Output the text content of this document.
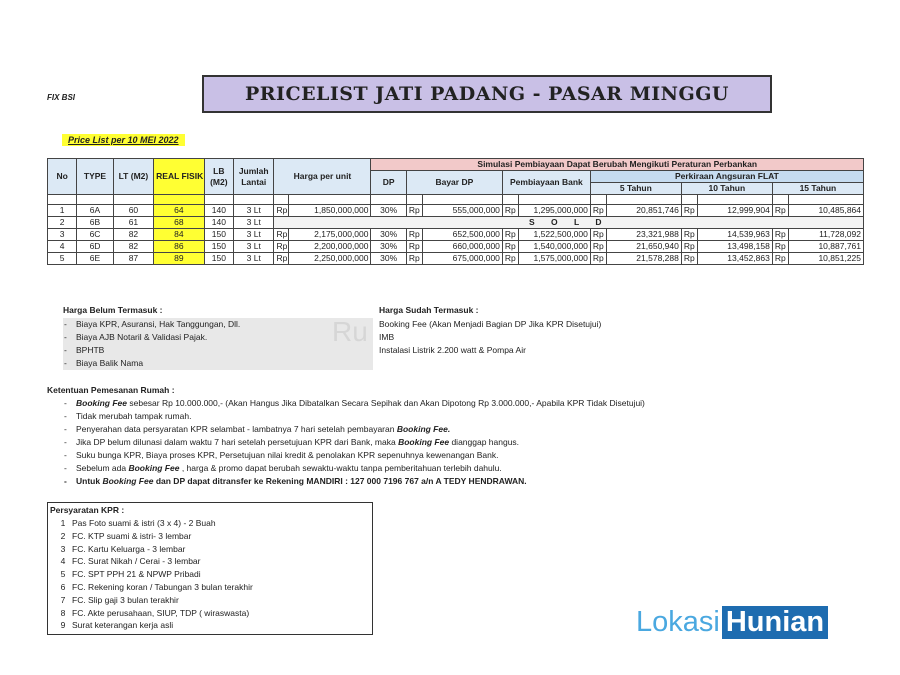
FIX BSI	PRICELIST JATI PADANG - PASAR MINGGU
Price List per 10 MEI 2022
No	TYPE	LT (M2)	REAL FISIK	LB (M2)	Jumlah Lantai	Harga per unit		Simulasi Pembiayaan Dapat Berubah Mengikuti Peraturan Perbankan										
								DP	Bayar DP		Pembiayaan Bank		Perkiraan Angsuran FLAT					
													5 Tahun		10 Tahun		15 Tahun	

1	6A	60	64	140	3 Lt	Rp	1,850,000,000	30%	Rp	555,000,000	Rp	1,295,000,000	Rp	20,851,746	Rp	12,999,904	Rp	10,485,864
2	6B	61	68	140	3 Lt	S O L D												
3	6C	82	84	150	3 Lt	Rp	2,175,000,000	30%	Rp	652,500,000	Rp	1,522,500,000	Rp	23,321,988	Rp	14,539,963	Rp	11,728,092
4	6D	82	86	150	3 Lt	Rp	2,200,000,000	30%	Rp	660,000,000	Rp	1,540,000,000	Rp	21,650,940	Rp	13,498,158	Rp	10,887,761
5	6E	87	89	150	3 Lt	Rp	2,250,000,000	30%	Rp	675,000,000	Rp	1,575,000,000	Rp	21,578,288	Rp	13,452,863	Rp	10,851,225
Ru
Harga Belum Termasuk :
- Biaya KPR, Asuransi, Hak Tanggungan, Dll.
- Biaya AJB Notaril & Validasi Pajak.
- BPHTB
- Biaya Balik Nama
Harga Sudah Termasuk :
Booking Fee (Akan Menjadi Bagian DP Jika KPR Disetujui)
IMB
Instalasi Listrik 2.200 watt & Pompa Air
Ketentuan Pemesanan Rumah :
- Booking Fee sebesar Rp 10.000.000,- (Akan Hangus Jika Dibatalkan Secara Sepihak dan Akan Dipotong Rp 3.000.000,- Apabila KPR Tidak Disetujui)
- Tidak merubah tampak rumah.
- Penyerahan data persyaratan KPR selambat - lambatnya 7 hari setelah pembayaran Booking Fee.
- Jika DP belum dilunasi dalam waktu 7 hari setelah persetujuan KPR dari Bank, maka Booking Fee dianggap hangus.
- Suku bunga KPR, Biaya proses KPR, Persetujuan nilai kredit & penolakan KPR sepenuhnya kewenangan Bank.
- Sebelum ada Booking Fee , harga & promo dapat berubah sewaktu-waktu tanpa pemberitahuan terlebih dahulu.
- Untuk Booking Fee dan DP dapat ditransfer ke Rekening MANDIRI : 127 000 7196 767 a/n A TEDY HENDRAWAN.
Persyaratan KPR :
1 Pas Foto suami & istri (3 x 4) - 2 Buah
2 FC. KTP suami & istri- 3 lembar
3 FC. Kartu Keluarga - 3 lembar
4 FC. Surat Nikah / Cerai - 3 lembar
5 FC. SPT PPH 21 & NPWP Pribadi
6 FC. Rekening koran / Tabungan 3 bulan terakhir
7 FC. Slip gaji 3 bulan terakhir
8 FC. Akte perusahaan, SIUP, TDP ( wiraswasta)
9 Surat keterangan kerja asli	Lokasi Hunian
